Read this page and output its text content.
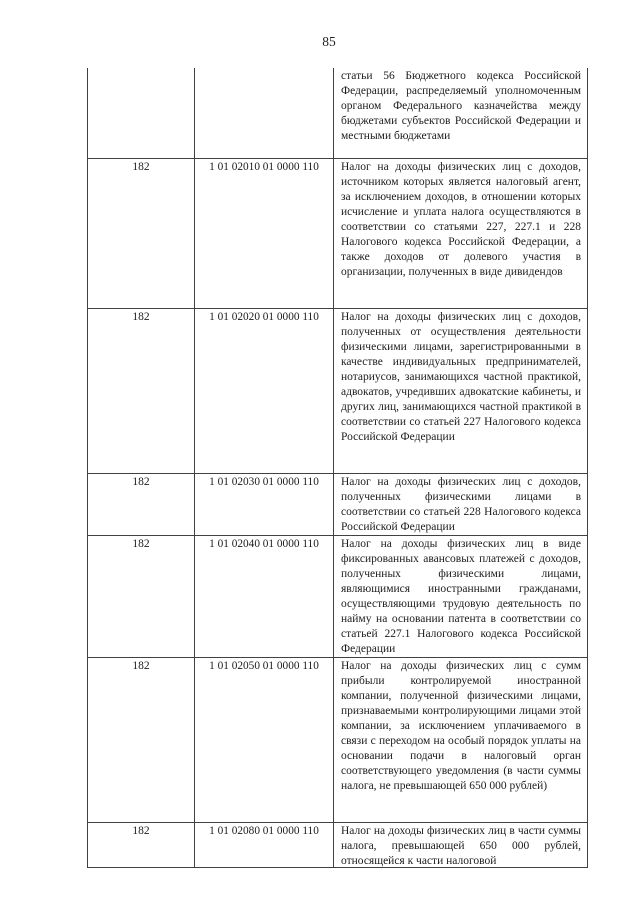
85

		статьи 56 Бюджетного кодекса Российской Федерации, распределяемый уполномоченным органом Федерального казначейства между бюджетами субъектов Российской Федерации и местными бюджетами

182	1 01 02010 01 0000 110	Налог на доходы физических лиц с доходов, источником которых является налоговый агент, за исключением доходов, в отношении которых исчисление и уплата налога осуществляются в соответствии со статьями 227, 227.1 и 228 Налогового кодекса Российской Федерации, а также доходов от долевого участия в организации, полученных в виде дивидендов

182	1 01 02020 01 0000 110	Налог на доходы физических лиц с доходов, полученных от осуществления деятельности физическими лицами, зарегистрированными в качестве индивидуальных предпринимателей, нотариусов, занимающихся частной практикой, адвокатов, учредивших адвокатские кабинеты, и других лиц, занимающихся частной практикой в соответствии со статьей 227 Налогового кодекса Российской Федерации

182	1 01 02030 01 0000 110	Налог на доходы физических лиц с доходов, полученных физическими лицами в соответствии со статьей 228 Налогового кодекса Российской Федерации

182	1 01 02040 01 0000 110	Налог на доходы физических лиц в виде фиксированных авансовых платежей с доходов, полученных физическими лицами, являющимися иностранными гражданами, осуществляющими трудовую деятельность по найму на основании патента в соответствии со статьей 227.1 Налогового кодекса Российской Федерации

182	1 01 02050 01 0000 110	Налог на доходы физических лиц с сумм прибыли контролируемой иностранной компании, полученной физическими лицами, признаваемыми контролирующими лицами этой компании, за исключением уплачиваемого в связи с переходом на особый порядок уплаты на основании подачи в налоговый орган соответствующего уведомления (в части суммы налога, не превышающей 650 000 рублей)

182	1 01 02080 01 0000 110	Налог на доходы физических лиц в части суммы налога, превышающей 650 000 рублей, относящейся к части налоговой
